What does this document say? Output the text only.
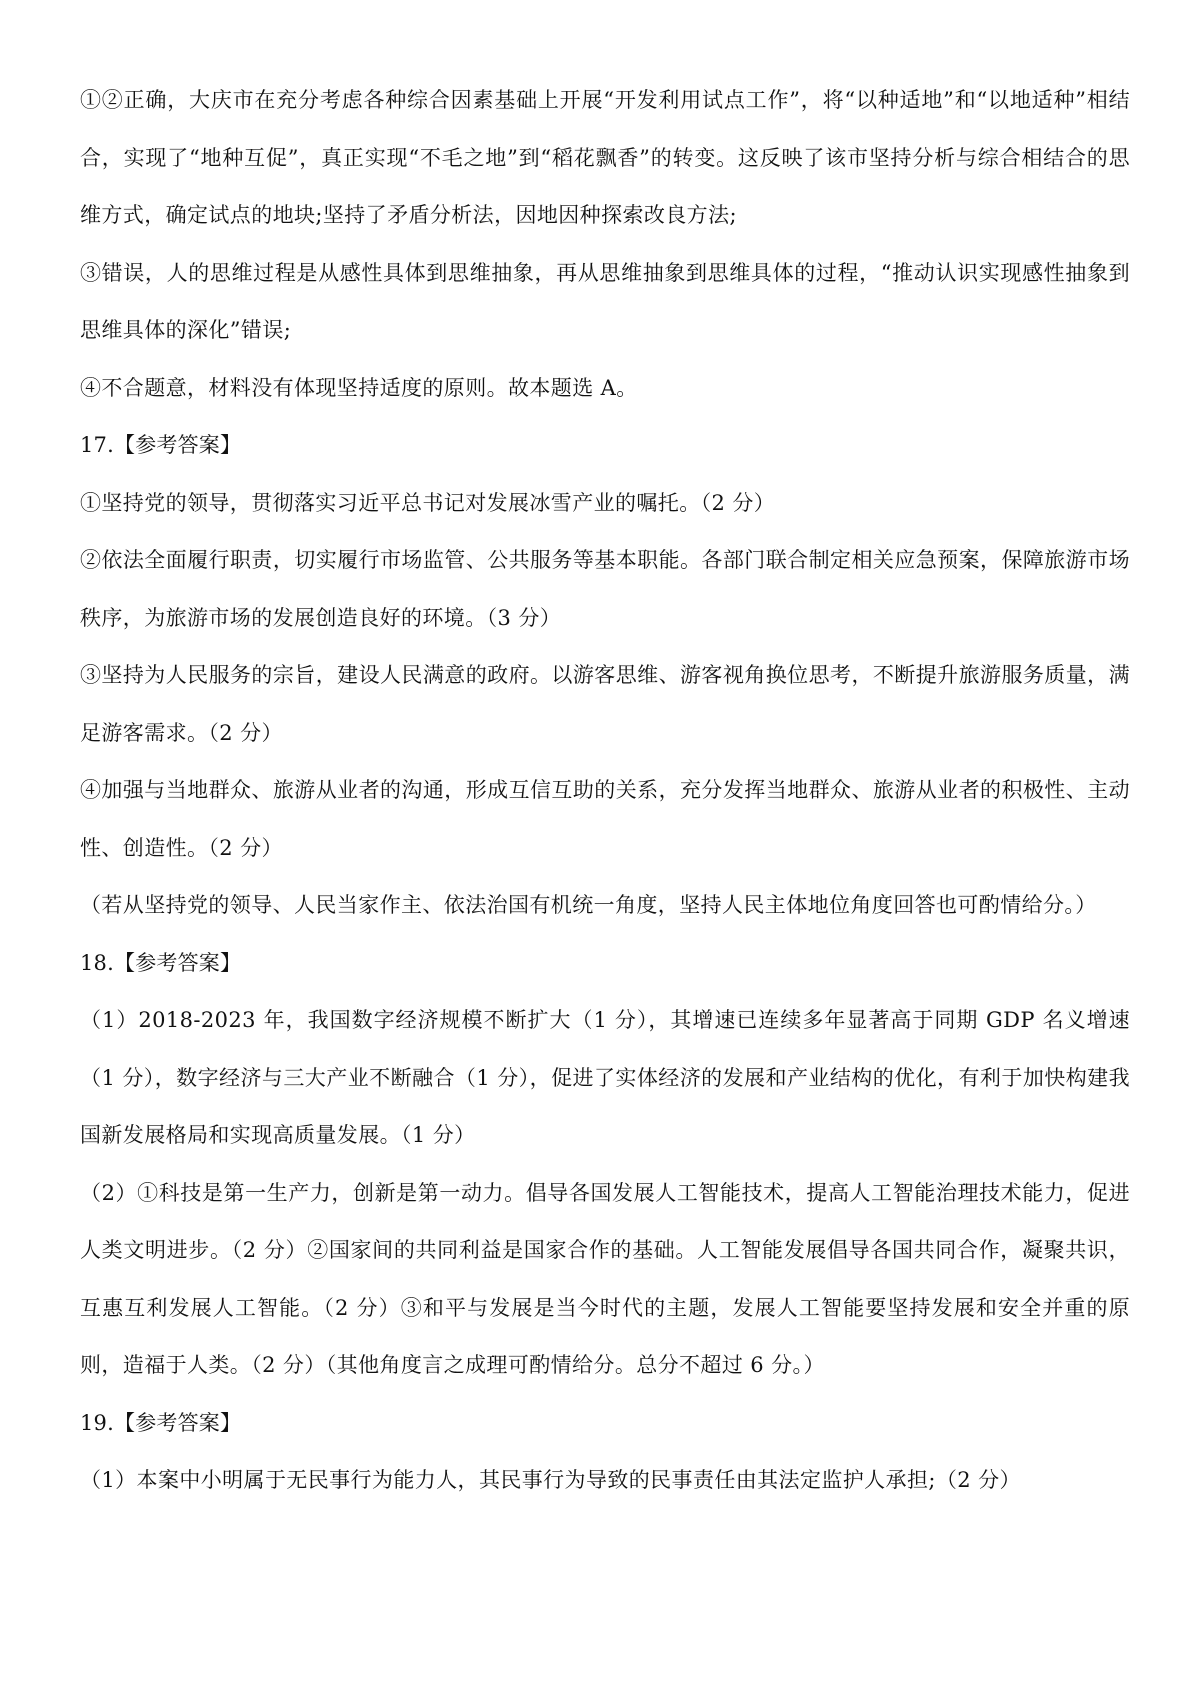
①②正确，大庆市在充分考虑各种综合因素基础上开展“开发利用试点工作”，将“以种适地”和“以地适种”相结合，实现了“地种互促”，真正实现“不毛之地”到“稻花飘香”的转变。这反映了该市坚持分析与综合相结合的思维方式，确定试点的地块;坚持了矛盾分析法，因地因种探索改良方法;

③错误，人的思维过程是从感性具体到思维抽象，再从思维抽象到思维具体的过程，“推动认识实现感性抽象到思维具体的深化”错误;

④不合题意，材料没有体现坚持适度的原则。故本题选 A。

17.【参考答案】

①坚持党的领导，贯彻落实习近平总书记对发展冰雪产业的嘱托。（2 分）

②依法全面履行职责，切实履行市场监管、公共服务等基本职能。各部门联合制定相关应急预案，保障旅游市场秩序，为旅游市场的发展创造良好的环境。（3 分）

③坚持为人民服务的宗旨，建设人民满意的政府。以游客思维、游客视角换位思考，不断提升旅游服务质量，满足游客需求。（2 分）

④加强与当地群众、旅游从业者的沟通，形成互信互助的关系，充分发挥当地群众、旅游从业者的积极性、主动性、创造性。（2 分）

（若从坚持党的领导、人民当家作主、依法治国有机统一角度，坚持人民主体地位角度回答也可酌情给分。）

18.【参考答案】

（1）2018-2023 年，我国数字经济规模不断扩大（1 分），其增速已连续多年显著高于同期 GDP 名义增速（1 分），数字经济与三大产业不断融合（1 分），促进了实体经济的发展和产业结构的优化，有利于加快构建我国新发展格局和实现高质量发展。（1 分）

（2）①科技是第一生产力，创新是第一动力。倡导各国发展人工智能技术，提高人工智能治理技术能力，促进人类文明进步。（2 分）②国家间的共同利益是国家合作的基础。人工智能发展倡导各国共同合作，凝聚共识，互惠互利发展人工智能。（2 分）③和平与发展是当今时代的主题，发展人工智能要坚持发展和安全并重的原则，造福于人类。（2 分）（其他角度言之成理可酌情给分。总分不超过 6 分。）

19.【参考答案】

（1）本案中小明属于无民事行为能力人，其民事行为导致的民事责任由其法定监护人承担;（2 分）
